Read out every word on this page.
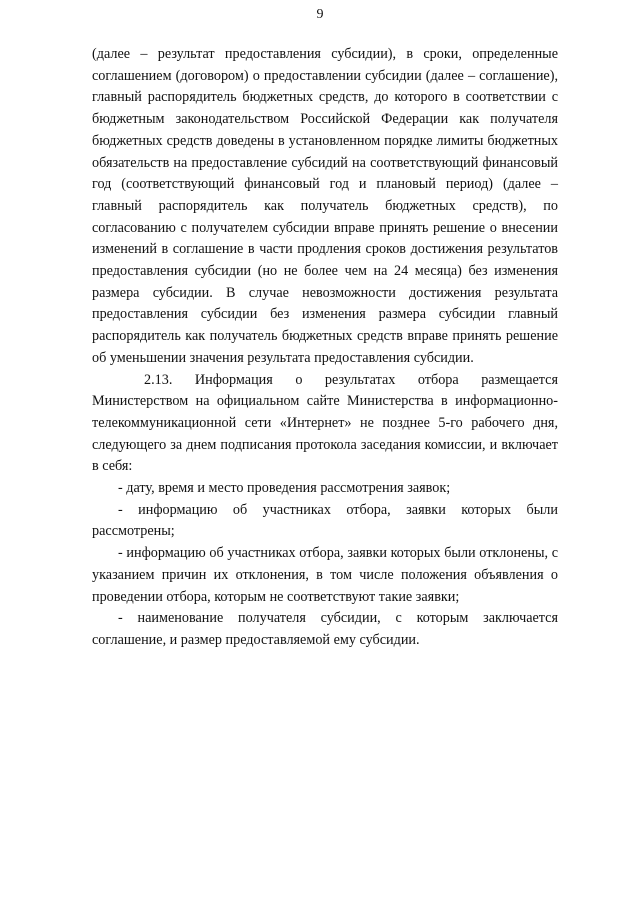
9

(далее – результат предоставления субсидии), в сроки, определенные соглашением (договором) о предоставлении субсидии (далее – соглашение), главный распорядитель бюджетных средств, до которого в соответствии с бюджетным законодательством Российской Федерации как получателя бюджетных средств доведены в установленном порядке лимиты бюджетных обязательств на предоставление субсидий на соответствующий финансовый год (соответствующий финансовый год и плановый период) (далее – главный распорядитель как получатель бюджетных средств), по согласованию с получателем субсидии вправе принять решение о внесении изменений в соглашение в части продления сроков достижения результатов предоставления субсидии (но не более чем на 24 месяца) без изменения размера субсидии. В случае невозможности достижения результата предоставления субсидии без изменения размера субсидии главный распорядитель как получатель бюджетных средств вправе принять решение об уменьшении значения результата предоставления субсидии.

2.13. Информация о результатах отбора размещается Министерством на официальном сайте Министерства в информационно-телекоммуникационной сети «Интернет» не позднее 5-го рабочего дня, следующего за днем подписания протокола заседания комиссии, и включает в себя:

- дату, время и место проведения рассмотрения заявок;

- информацию об участниках отбора, заявки которых были рассмотрены;

- информацию об участниках отбора, заявки которых были отклонены, с указанием причин их отклонения, в том числе положения объявления о проведении отбора, которым не соответствуют такие заявки;

- наименование получателя субсидии, с которым заключается соглашение, и размер предоставляемой ему субсидии.
